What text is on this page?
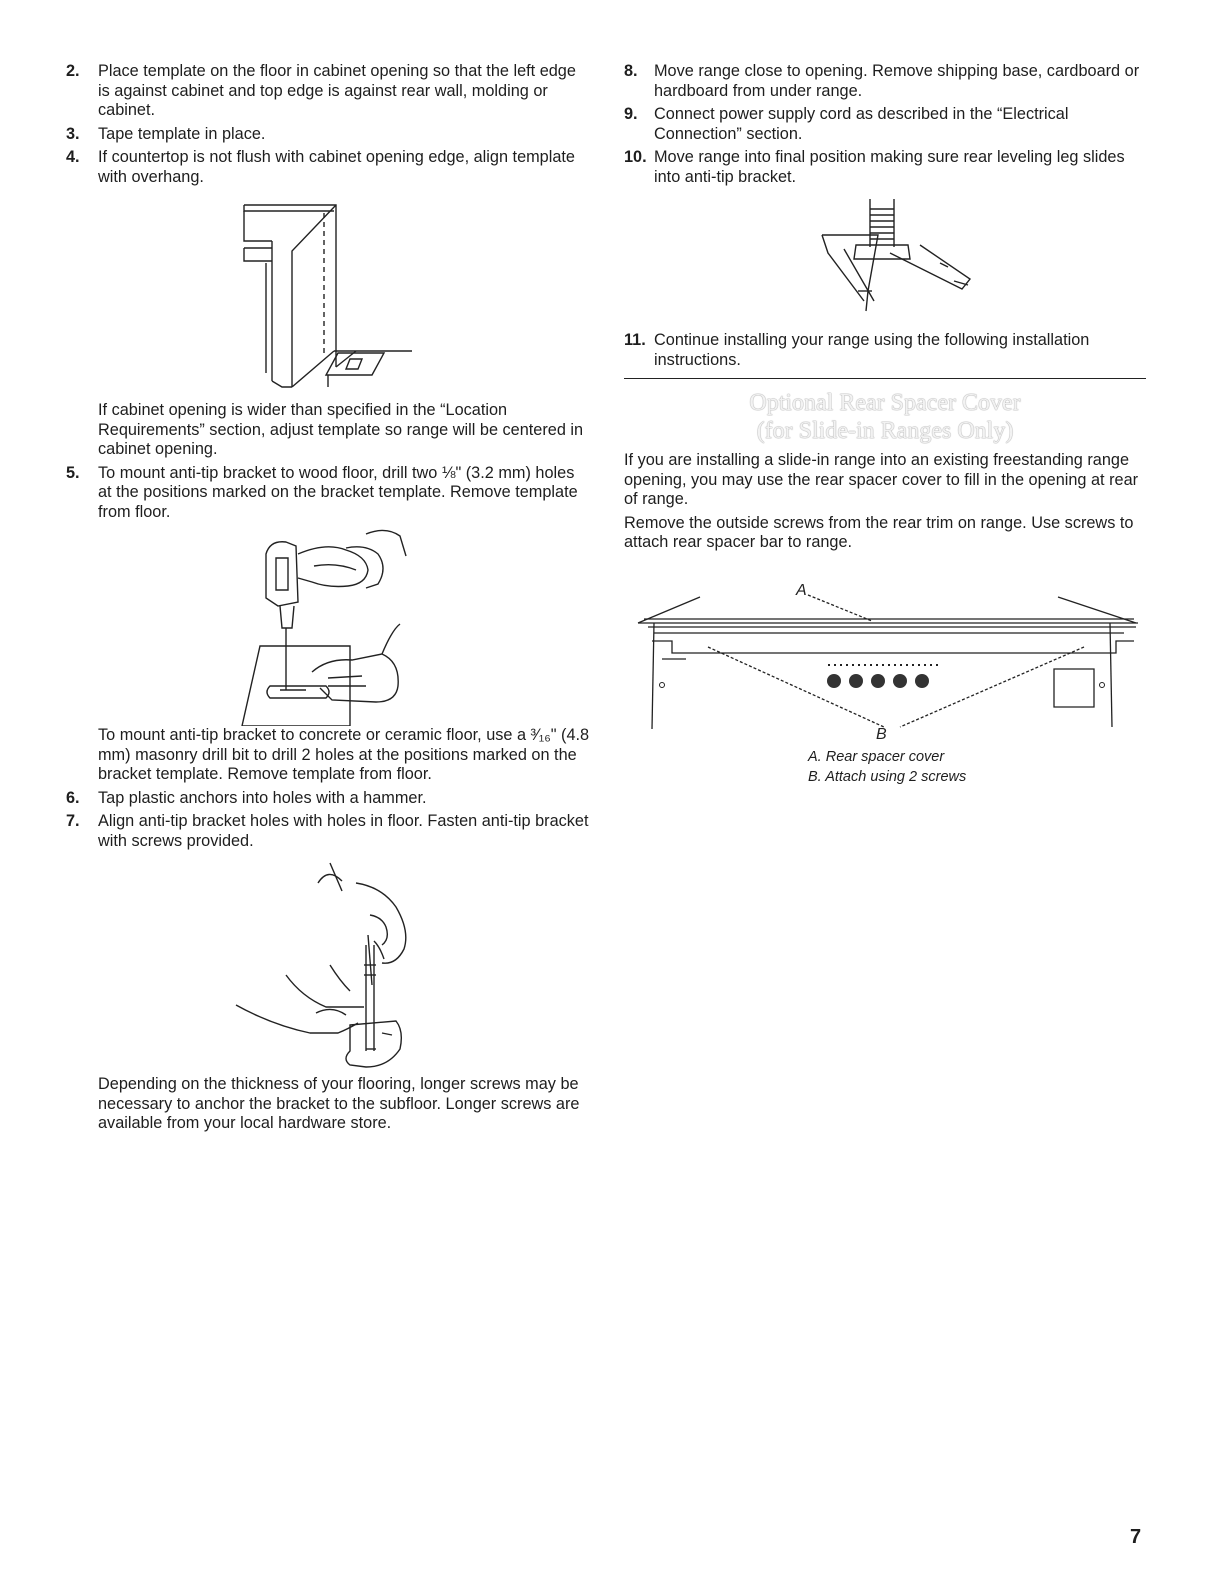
2.	Place template on the floor in cabinet opening so that the left edge is against cabinet and top edge is against rear wall, molding or cabinet.
3.	Tape template in place.
4.	If countertop is not flush with cabinet opening edge, align template with overhang.

If cabinet opening is wider than specified in the “Location Requirements” section, adjust template so range will be centered in cabinet opening.

5.	To mount anti-tip bracket to wood floor, drill two ⅛" (3.2 mm) holes at the positions marked on the bracket template. Remove template from floor.

To mount anti-tip bracket to concrete or ceramic floor, use a ³⁄₁₆" (4.8 mm) masonry drill bit to drill 2 holes at the positions marked on the bracket template. Remove template from floor.

6.	Tap plastic anchors into holes with a hammer.
7.	Align anti-tip bracket holes with holes in floor. Fasten anti-tip bracket with screws provided.

Depending on the thickness of your flooring, longer screws may be necessary to anchor the bracket to the subfloor. Longer screws are available from your local hardware store.

8.	Move range close to opening. Remove shipping base, cardboard or hardboard from under range.
9.	Connect power supply cord as described in the “Electrical Connection” section.
10. Move range into final position making sure rear leveling leg slides into anti-tip bracket.
11. Continue installing your range using the following installation instructions.
Optional Rear Spacer Cover
(for Slide-in Ranges Only)

If you are installing a slide-in range into an existing freestanding range opening, you may use the rear spacer cover to fill in the opening at rear of range.

Remove the outside screws from the rear trim on range. Use screws to attach rear spacer bar to range.

A
B
A. Rear spacer cover
B. Attach using 2 screws
7
